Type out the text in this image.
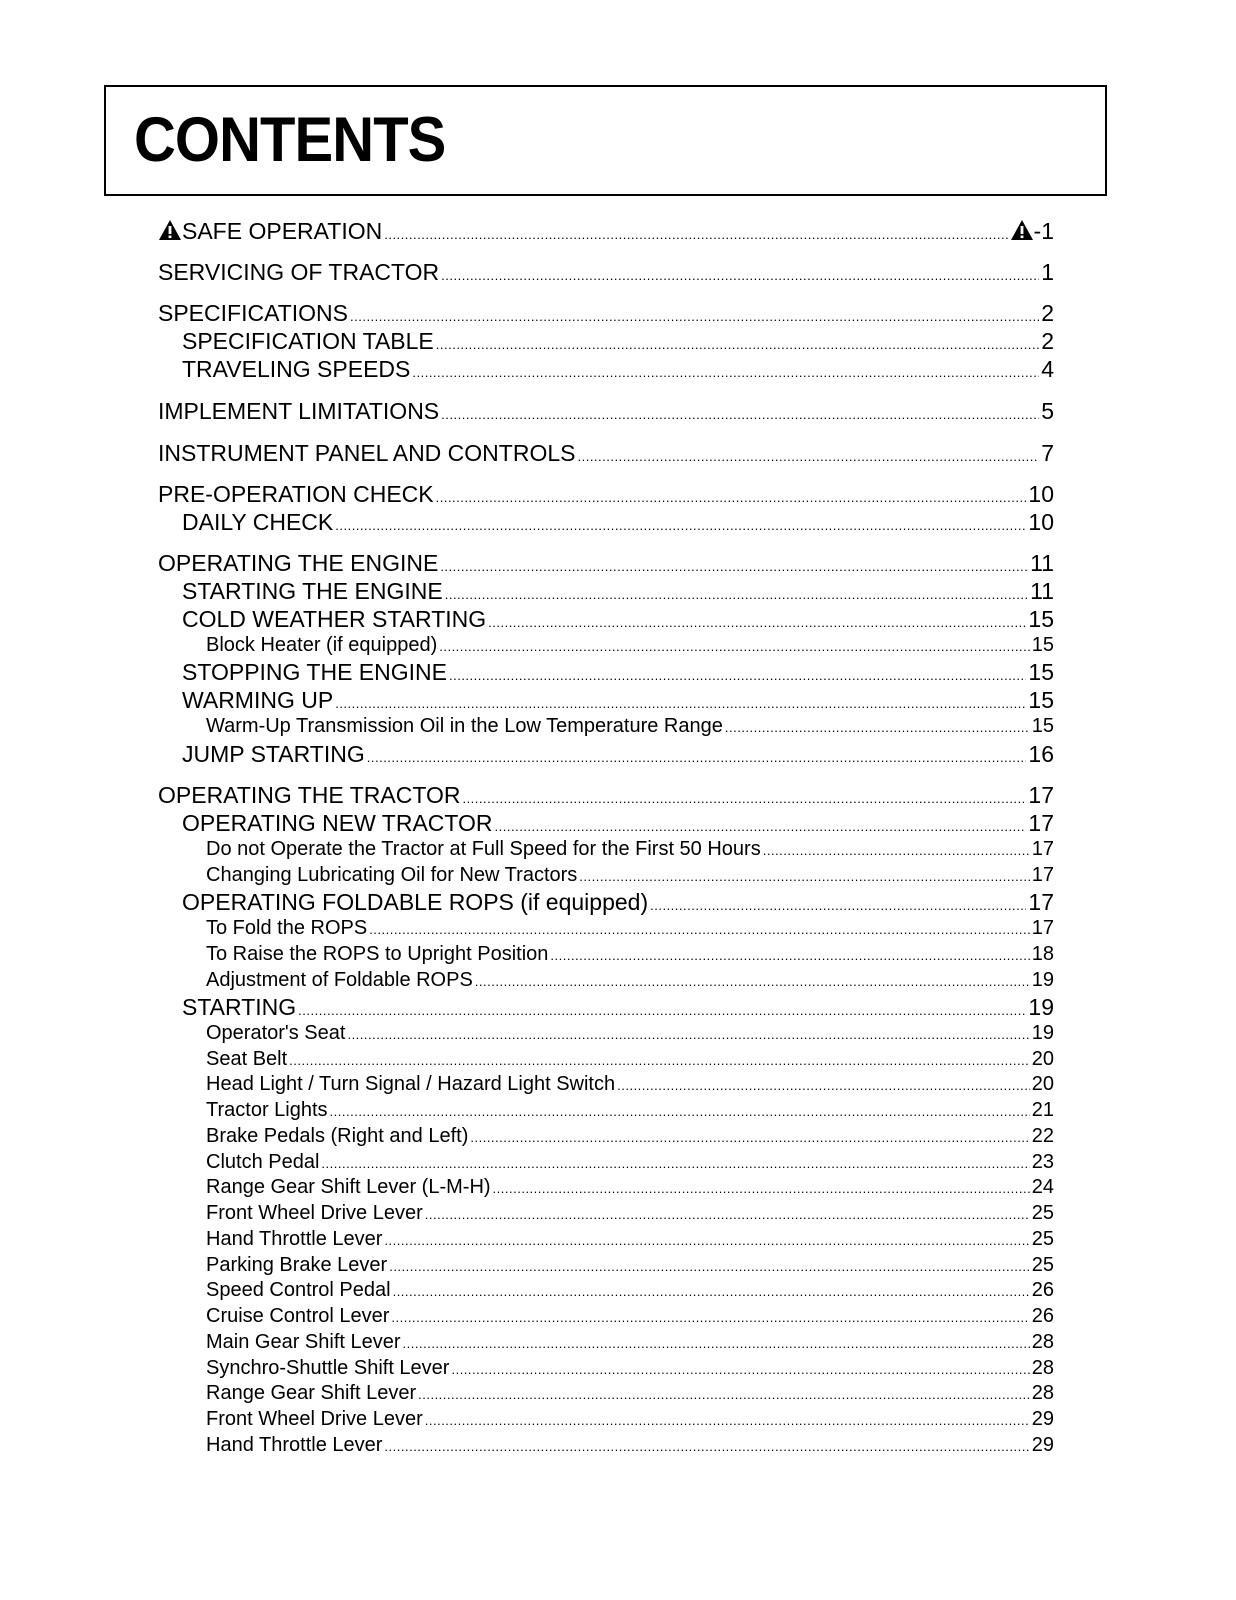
CONTENTS
SAFE OPERATION .....	-1
SERVICING OF TRACTOR .....	1
SPECIFICATIONS .....	2
SPECIFICATION TABLE .....	2
TRAVELING SPEEDS .....	4
IMPLEMENT LIMITATIONS .....	5
INSTRUMENT PANEL AND CONTROLS .....	7
PRE-OPERATION CHECK .....	10
DAILY CHECK .....	10
OPERATING THE ENGINE .....	11
STARTING THE ENGINE .....	11
COLD WEATHER STARTING .....	15
Block Heater (if equipped) .....	15
STOPPING THE ENGINE .....	15
WARMING UP .....	15
Warm-Up Transmission Oil in the Low Temperature Range .....	15
JUMP STARTING .....	16
OPERATING THE TRACTOR .....	17
OPERATING NEW TRACTOR .....	17
Do not Operate the Tractor at Full Speed for the First 50 Hours .....	17
Changing Lubricating Oil for New Tractors .....	17
OPERATING FOLDABLE ROPS (if equipped) .....	17
To Fold the ROPS .....	17
To Raise the ROPS to Upright Position .....	18
Adjustment of Foldable ROPS .....	19
STARTING .....	19
Operator's Seat .....	19
Seat Belt .....	20
Head Light / Turn Signal / Hazard Light Switch .....	20
Tractor Lights .....	21
Brake Pedals (Right and Left) .....	22
Clutch Pedal .....	23
Range Gear Shift Lever (L-M-H) .....	24
Front Wheel Drive Lever .....	25
Hand Throttle Lever .....	25
Parking Brake Lever .....	25
Speed Control Pedal .....	26
Cruise Control Lever .....	26
Main Gear Shift Lever .....	28
Synchro-Shuttle Shift Lever .....	28
Range Gear Shift Lever .....	28
Front Wheel Drive Lever .....	29
Hand Throttle Lever .....	29
